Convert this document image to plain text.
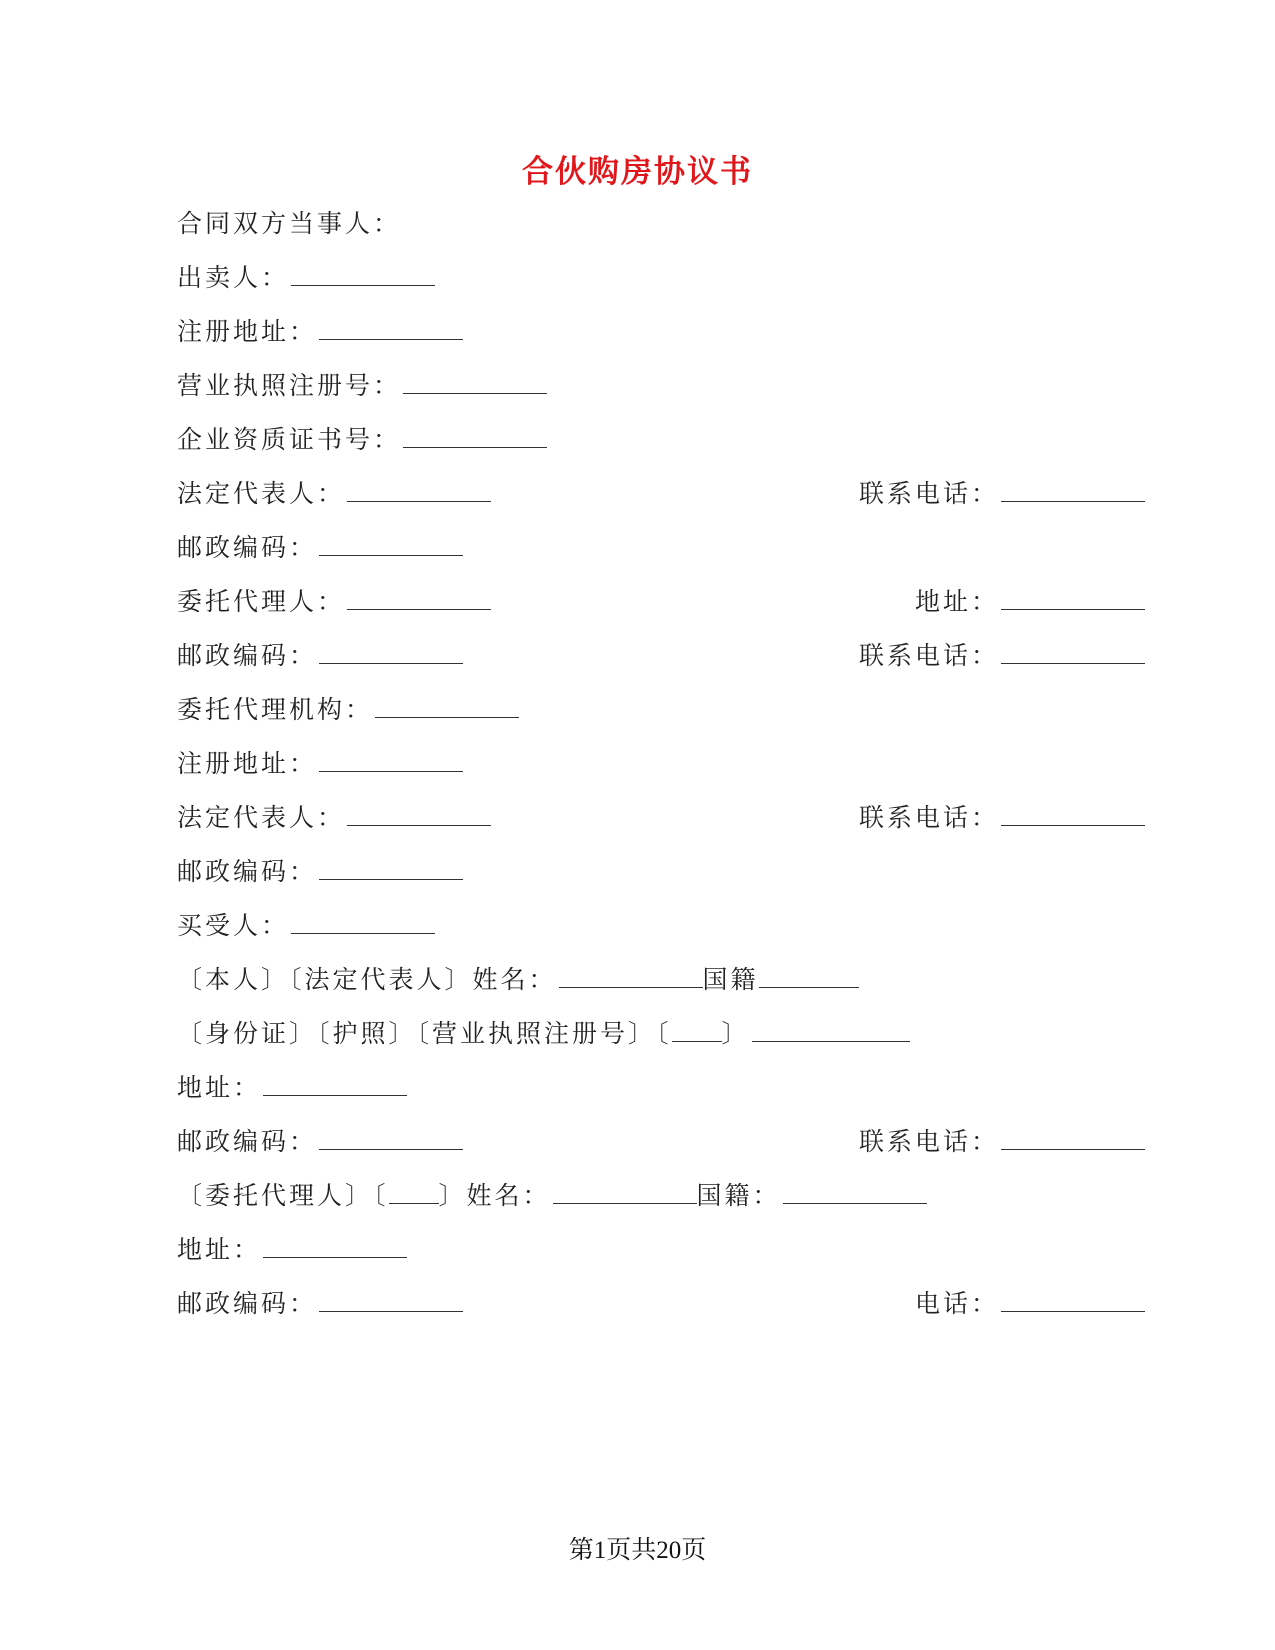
合伙购房协议书
合同双方当事人：
出卖人：
注册地址：
营业执照注册号：
企业资质证书号：
法定代表人：	联系电话：
邮政编码：
委托代理人：	地址：
邮政编码：	联系电话：
委托代理机构：
注册地址：
法定代表人：	联系电话：
邮政编码：
买受人：
〔本人〕〔法定代表人〕姓名：	国籍
〔身份证〕〔护照〕〔营业执照注册号〕〔 〕
地址：
邮政编码：	联系电话：
〔委托代理人〕〔 〕姓名：	国籍：
地址：
邮政编码：	电话：
第1页共20页
